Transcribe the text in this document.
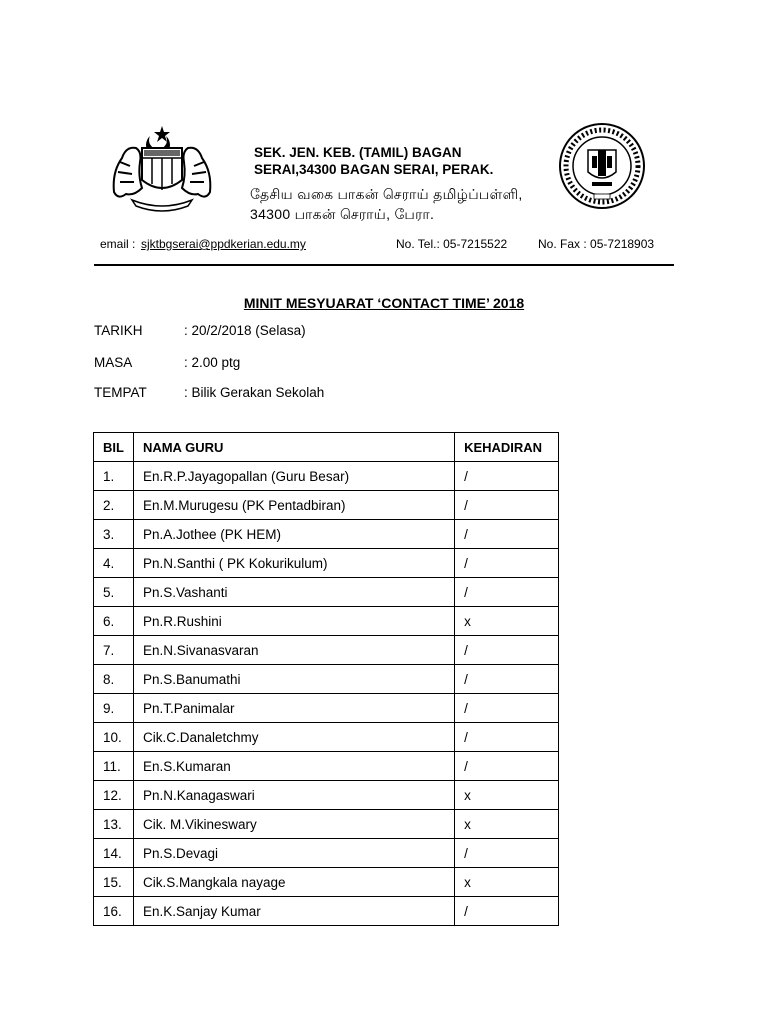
SEK. JEN. KEB. (TAMIL) BAGAN SERAI,34300 BAGAN SERAI, PERAK.
தேசிய வகை பாகன் செராய் தமிழ்ப்பள்ளி, 34300 பாகன் செராய், பேரா.
email : sjktbgserai@ppdkerian.edu.my	No. Tel.: 05-7215522	No. Fax : 05-7218903
MINIT MESYUARAT ‘CONTACT TIME’ 2018
TARIKH	: 20/2/2018 (Selasa)
MASA	: 2.00 ptg
TEMPAT	: Bilik Gerakan Sekolah
BIL	NAMA GURU	KEHADIRAN
1.	En.R.P.Jayagopallan (Guru Besar)	/
2.	En.M.Murugesu (PK Pentadbiran)	/
3.	Pn.A.Jothee (PK HEM)	/
4.	Pn.N.Santhi ( PK Kokurikulum)	/
5.	Pn.S.Vashanti	/
6.	Pn.R.Rushini	x
7.	En.N.Sivanasvaran	/
8.	Pn.S.Banumathi	/
9.	Pn.T.Panimalar	/
10.	Cik.C.Danaletchmy	/
11.	En.S.Kumaran	/
12.	Pn.N.Kanagaswari	x
13.	Cik. M.Vikineswary	x
14.	Pn.S.Devagi	/
15.	Cik.S.Mangkala nayage	x
16.	En.K.Sanjay Kumar	/
